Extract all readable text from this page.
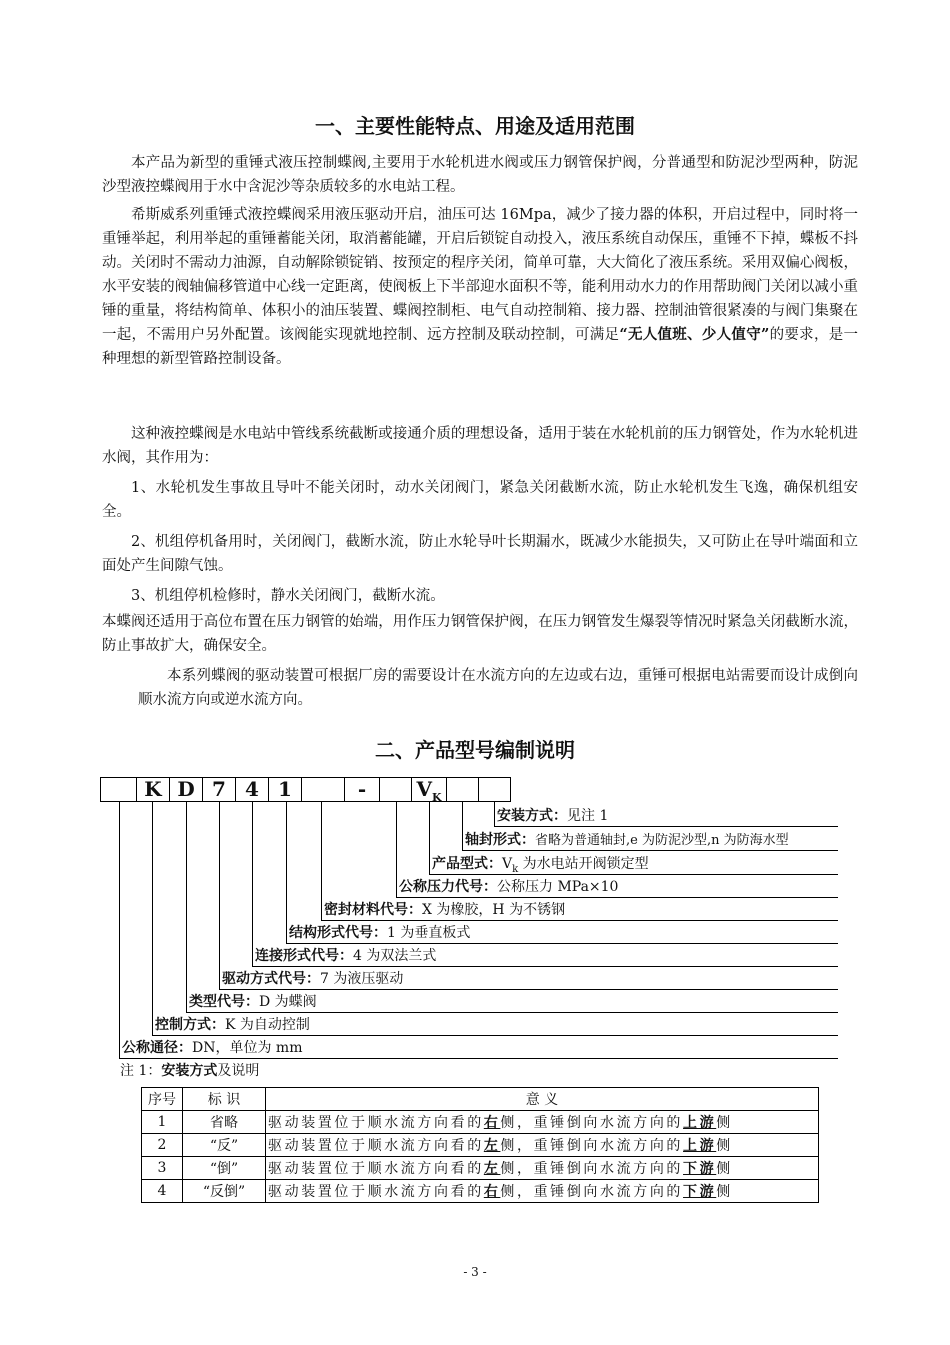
一、主要性能特点、用途及适用范围

本产品为新型的重锤式液压控制蝶阀,主要用于水轮机进水阀或压力钢管保护阀，分普通型和防泥沙型两种，防泥沙型液控蝶阀用于水中含泥沙等杂质较多的水电站工程。

希斯威系列重锤式液控蝶阀采用液压驱动开启，油压可达 16Mpa，减少了接力器的体积，开启过程中，同时将一重锤举起，利用举起的重锤蓄能关闭，取消蓄能罐，开启后锁锭自动投入，液压系统自动保压，重锤不下掉，蝶板不抖动。关闭时不需动力油源，自动解除锁锭销、按预定的程序关闭，简单可靠，大大简化了液压系统。采用双偏心阀板，水平安装的阀轴偏移管道中心线一定距离，使阀板上下半部迎水面积不等，能利用动水力的作用帮助阀门关闭以减小重锤的重量，将结构简单、体积小的油压装置、蝶阀控制柜、电气自动控制箱、接力器、控制油管很紧凑的与阀门集聚在一起，不需用户另外配置。该阀能实现就地控制、远方控制及联动控制，可满足“无人值班、少人值守”的要求，是一种理想的新型管路控制设备。

这种液控蝶阀是水电站中管线系统截断或接通介质的理想设备，适用于装在水轮机前的压力钢管处，作为水轮机进水阀，其作用为：

1、水轮机发生事故且导叶不能关闭时，动水关闭阀门，紧急关闭截断水流，防止水轮机发生飞逸，确保机组安全。

2、机组停机备用时，关闭阀门，截断水流，防止水轮导叶长期漏水，既减少水能损失，又可防止在导叶端面和立面处产生间隙气蚀。

3、机组停机检修时，静水关闭阀门，截断水流。

本蝶阀还适用于高位布置在压力钢管的始端，用作压力钢管保护阀，在压力钢管发生爆裂等情况时紧急关闭截断水流，防止事故扩大，确保安全。

本系列蝶阀的驱动装置可根据厂房的需要设计在水流方向的左边或右边，重锤可根据电站需要而设计成倒向顺水流方向或逆水流方向。

二、产品型号编制说明
K D 7 4 1	-	$V_K$
安装方式：见注 1
轴封形式：省略为普通轴封,e 为防泥沙型,n 为防海水型
产品型式：$V_k$ 为水电站开阀锁定型
公称压力代号：公称压力 MPa×10
密封材料代号：X 为橡胶，H 为不锈钢
结构形式代号：1 为垂直板式
连接形式代号：4 为双法兰式
驱动方式代号：7 为液压驱动
类型代号：D 为蝶阀
控制方式：K 为自动控制
公称通径：DN，单位为 mm
注 1：安装方式及说明
序号	标 识	意 义
1	省略	驱动装置位于顺水流方向看的右侧，重锤倒向水流方向的上游侧
2	“反”	驱动装置位于顺水流方向看的左侧，重锤倒向水流方向的上游侧
3	“倒”	驱动装置位于顺水流方向看的左侧，重锤倒向水流方向的下游侧
4	“反倒”	驱动装置位于顺水流方向看的右侧，重锤倒向水流方向的下游侧
- 3 -
